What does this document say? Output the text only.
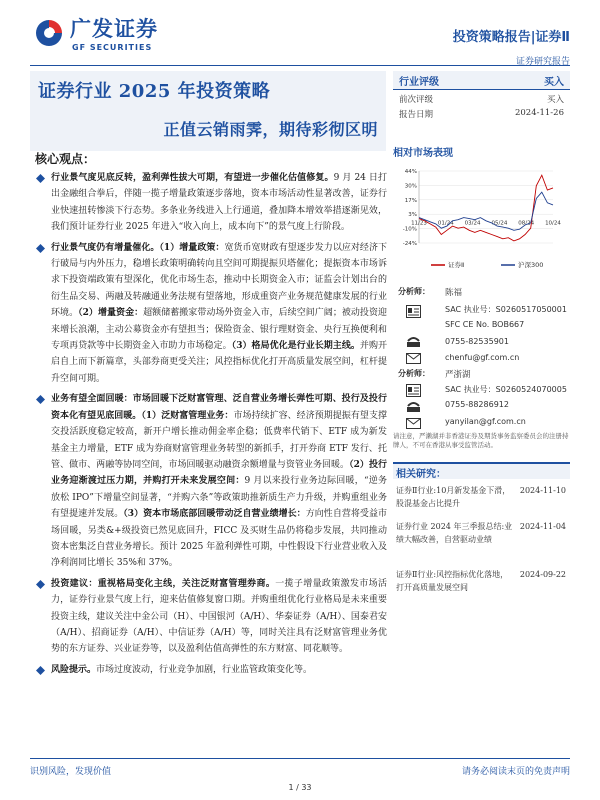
广发证券
GF SECURITIES
投资策略报告|证券Ⅱ
证券研究报告
证券行业 2025 年投资策略
正值云销雨霁，期待彩彻区明
行业评级	买入
前次评级	买入
报告日期	2024-11-26
相对市场表现
-24%
-10%
3%
17%
30%
44%
11/23 01/24 03/24 05/24 08/24 10/24
证券Ⅱ	沪深300
分析师： 陈福
SAC 执业号：S0260517050001
SFC CE No. BOB667
0755-82535901
chenfu@gf.com.cn
分析师： 严浙湖
SAC 执业号：S0260524070005
0755-88286912
yanyilan@gf.com.cn
请注意，严濑湖并非香港证券及期货事务监察委员会的注册持牌人，不可在香港从事受监管活动。
相关研究：
证券Ⅱ行业:10月新发基金下滑，股混基金占比提升
2024-11-10
证券行业 2024 年三季报总结:业绩大幅改善，自营驱动业绩
2024-11-04
证券Ⅱ行业:风控指标优化落地，打开高质量发展空间
2024-09-22
核心观点：
行业景气度见底反转，盈利弹性拔大可期，有望进一步催化估值修复。9 月 24 日打出金融组合拳后，伴随一揽子增量政策逐步落地，资本市场活动性显著改善，证券行业快速扭转惨淡下行态势。多条业务线进入上行通道，叠加降本增效举措逐渐见效，我们预计证券行业 2025 年进入“收入向上，成本向下”的景气度上行阶段。
行业景气度仍有增量催化。（1）增量政策：宽货币宽财政有望逐步发力以应对经济下行破局与内外压力，稳增长政策明确转向且空间可期提振贝塔催化；提振资本市场诉求下投资端政策有望深化，优化市场生态，推动中长期资金入市；证监会计划出台的衍生品交易、两融及转融通业务法规有望落地，形成重资产业务规范健康发展的行业环境。（2）增量资金：超额储蓄搬家带动场外资金入市，后续空间广阔；被动投资迎来增长浪潮，主动公募资金亦有望担当；保险资金、银行理财资金、央行互换便利和专项再贷款等中长期资金入市助力市场稳定。（3）格局优化是行业长期主线。并购开启自上而下新篇章，头部券商更受关注；风控指标优化打开高质量发展空间，杠杆提升空间可期。
业务有望全面回暖：市场回暖下泛财富管理、泛自营业务增长弹性可期、投行及投行资本化有望见底回暖。（1）泛财富管理业务：市场持续扩容、经济预期提振有望支撑交投活跃度稳定较高，新开户增长推动佣金率企稳；低费率代销下、ETF 成为新发基金主力增量，ETF 成为券商财富管理业务转型的新抓手，打开券商 ETF 发行、托管、做市、两融等协同空间，市场回暖驱动融资余额增量与资管业务回暖。（2）投行业务迎渐渡过压力期，并购打开未来发展空间：9 月以来投行业务边际回暖，“逆务放松 IPO”下增量空间显著，“并购六条”等政策助推新质生产力升级，并购重组业务有望提速并发展。（3）资本市场底部回暖带动泛自营业绩增长：方向性自营将受益市场回暖，另类&+级投资已然见底回升，FICC 及买财生品仍将稳步发展，共同推动资本密集泛自营业务增长。预计 2025 年盈利弹性可期，中性假设下行业营业收入及净利润同比增长 35%和 37%。
投资建议：重视格局变化主线，关注泛财富管理券商。一揽子增量政策激发市场活力，证券行业景气度上行，迎来估值修复窗口期。并购重组优化行业格局是未来重要投资主线，建议关注中金公司（H）、中国银河（A/H）、华泰证券（A/H）、国泰君安（A/H）、招商证券（A/H）、中信证券（A/H）等，同时关注具有泛财富管理业务优势的东方证券、兴业证券等，以及盈利估值高弹性的东方财富、同花顺等。
风险提示。市场过度波动，行业竞争加剧，行业监管政策变化等。
识别风险，发现价值	请务必阅读末页的免责声明
1 / 33
